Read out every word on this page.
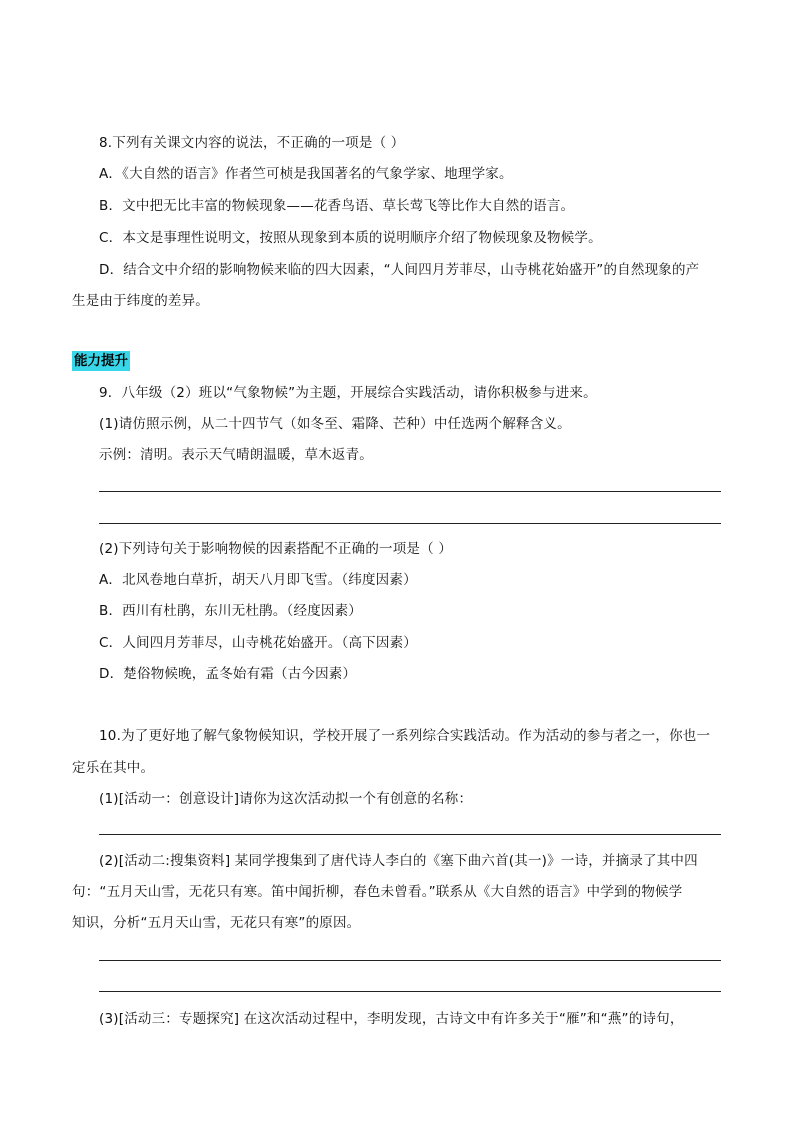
8.下列有关课文内容的说法，不正确的一项是（ ）
A．《大自然的语言》作者竺可桢是我国著名的气象学家、地理学家。
B．文中把无比丰富的物候现象——花香鸟语、草长莺飞等比作大自然的语言。
C．本文是事理性说明文，按照从现象到本质的说明顺序介绍了物候现象及物候学。
D．结合文中介绍的影响物候来临的四大因素，“人间四月芳菲尽，山寺桃花始盛开”的自然现象的产
生是由于纬度的差异。
能力提升
9．八年级（2）班以“气象物候”为主题，开展综合实践活动，请你积极参与进来。
(1)请仿照示例，从二十四节气（如冬至、霜降、芒种）中任选两个解释含义。
示例：清明。表示天气晴朗温暖，草木返青。
(2)下列诗句关于影响物候的因素搭配不正确的一项是（ ）
A．北风卷地白草折，胡天八月即飞雪。（纬度因素）
B．西川有杜鹃，东川无杜鹃。（经度因素）
C．人间四月芳菲尽，山寺桃花始盛开。（高下因素）
D．楚俗物候晚，孟冬始有霜（古今因素）
10.为了更好地了解气象物候知识，学校开展了一系列综合实践活动。作为活动的参与者之一，你也一
定乐在其中。
(1)[活动一：创意设计]请你为这次活动拟一个有创意的名称：
(2)[活动二:搜集资料] 某同学搜集到了唐代诗人李白的《塞下曲六首(其一)》一诗，并摘录了其中四
句：“五月天山雪，无花只有寒。笛中闻折柳，春色未曾看。”联系从《大自然的语言》中学到的物候学
知识，分析“五月天山雪，无花只有寒”的原因。
(3)[活动三：专题探究] 在这次活动过程中，李明发现，古诗文中有许多关于“雁”和“燕”的诗句，
